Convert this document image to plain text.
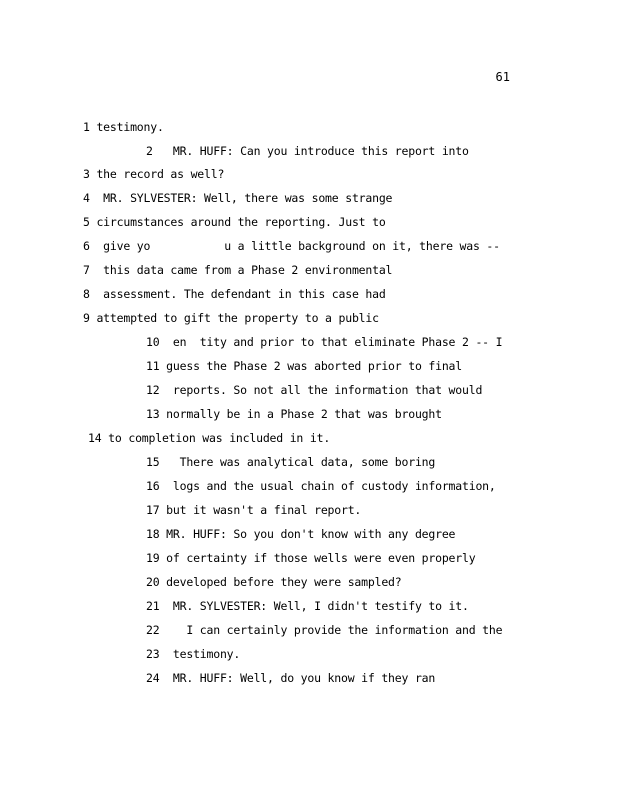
61
1 testimony.
2   MR. HUFF: Can you introduce this report into
3 the record as well?
4  MR. SYLVESTER: Well, there was some strange
5 circumstances around the reporting. Just to
6  give yo           u a little background on it, there was --
7  this data came from a Phase 2 environmental
8  assessment. The defendant in this case had
9 attempted to gift the property to a public
10  en  tity and prior to that eliminate Phase 2 -- I
11 guess the Phase 2 was aborted prior to final
12  reports. So not all the information that would
13 normally be in a Phase 2 that was brought
14 to completion was included in it.
15   There was analytical data, some boring
16  logs and the usual chain of custody information,
17 but it wasn't a final report.
18 MR. HUFF: So you don't know with any degree
19 of certainty if those wells were even properly
20 developed before they were sampled?
21  MR. SYLVESTER: Well, I didn't testify to it.
22    I can certainly provide the information and the
23  testimony.
24  MR. HUFF: Well, do you know if they ran
